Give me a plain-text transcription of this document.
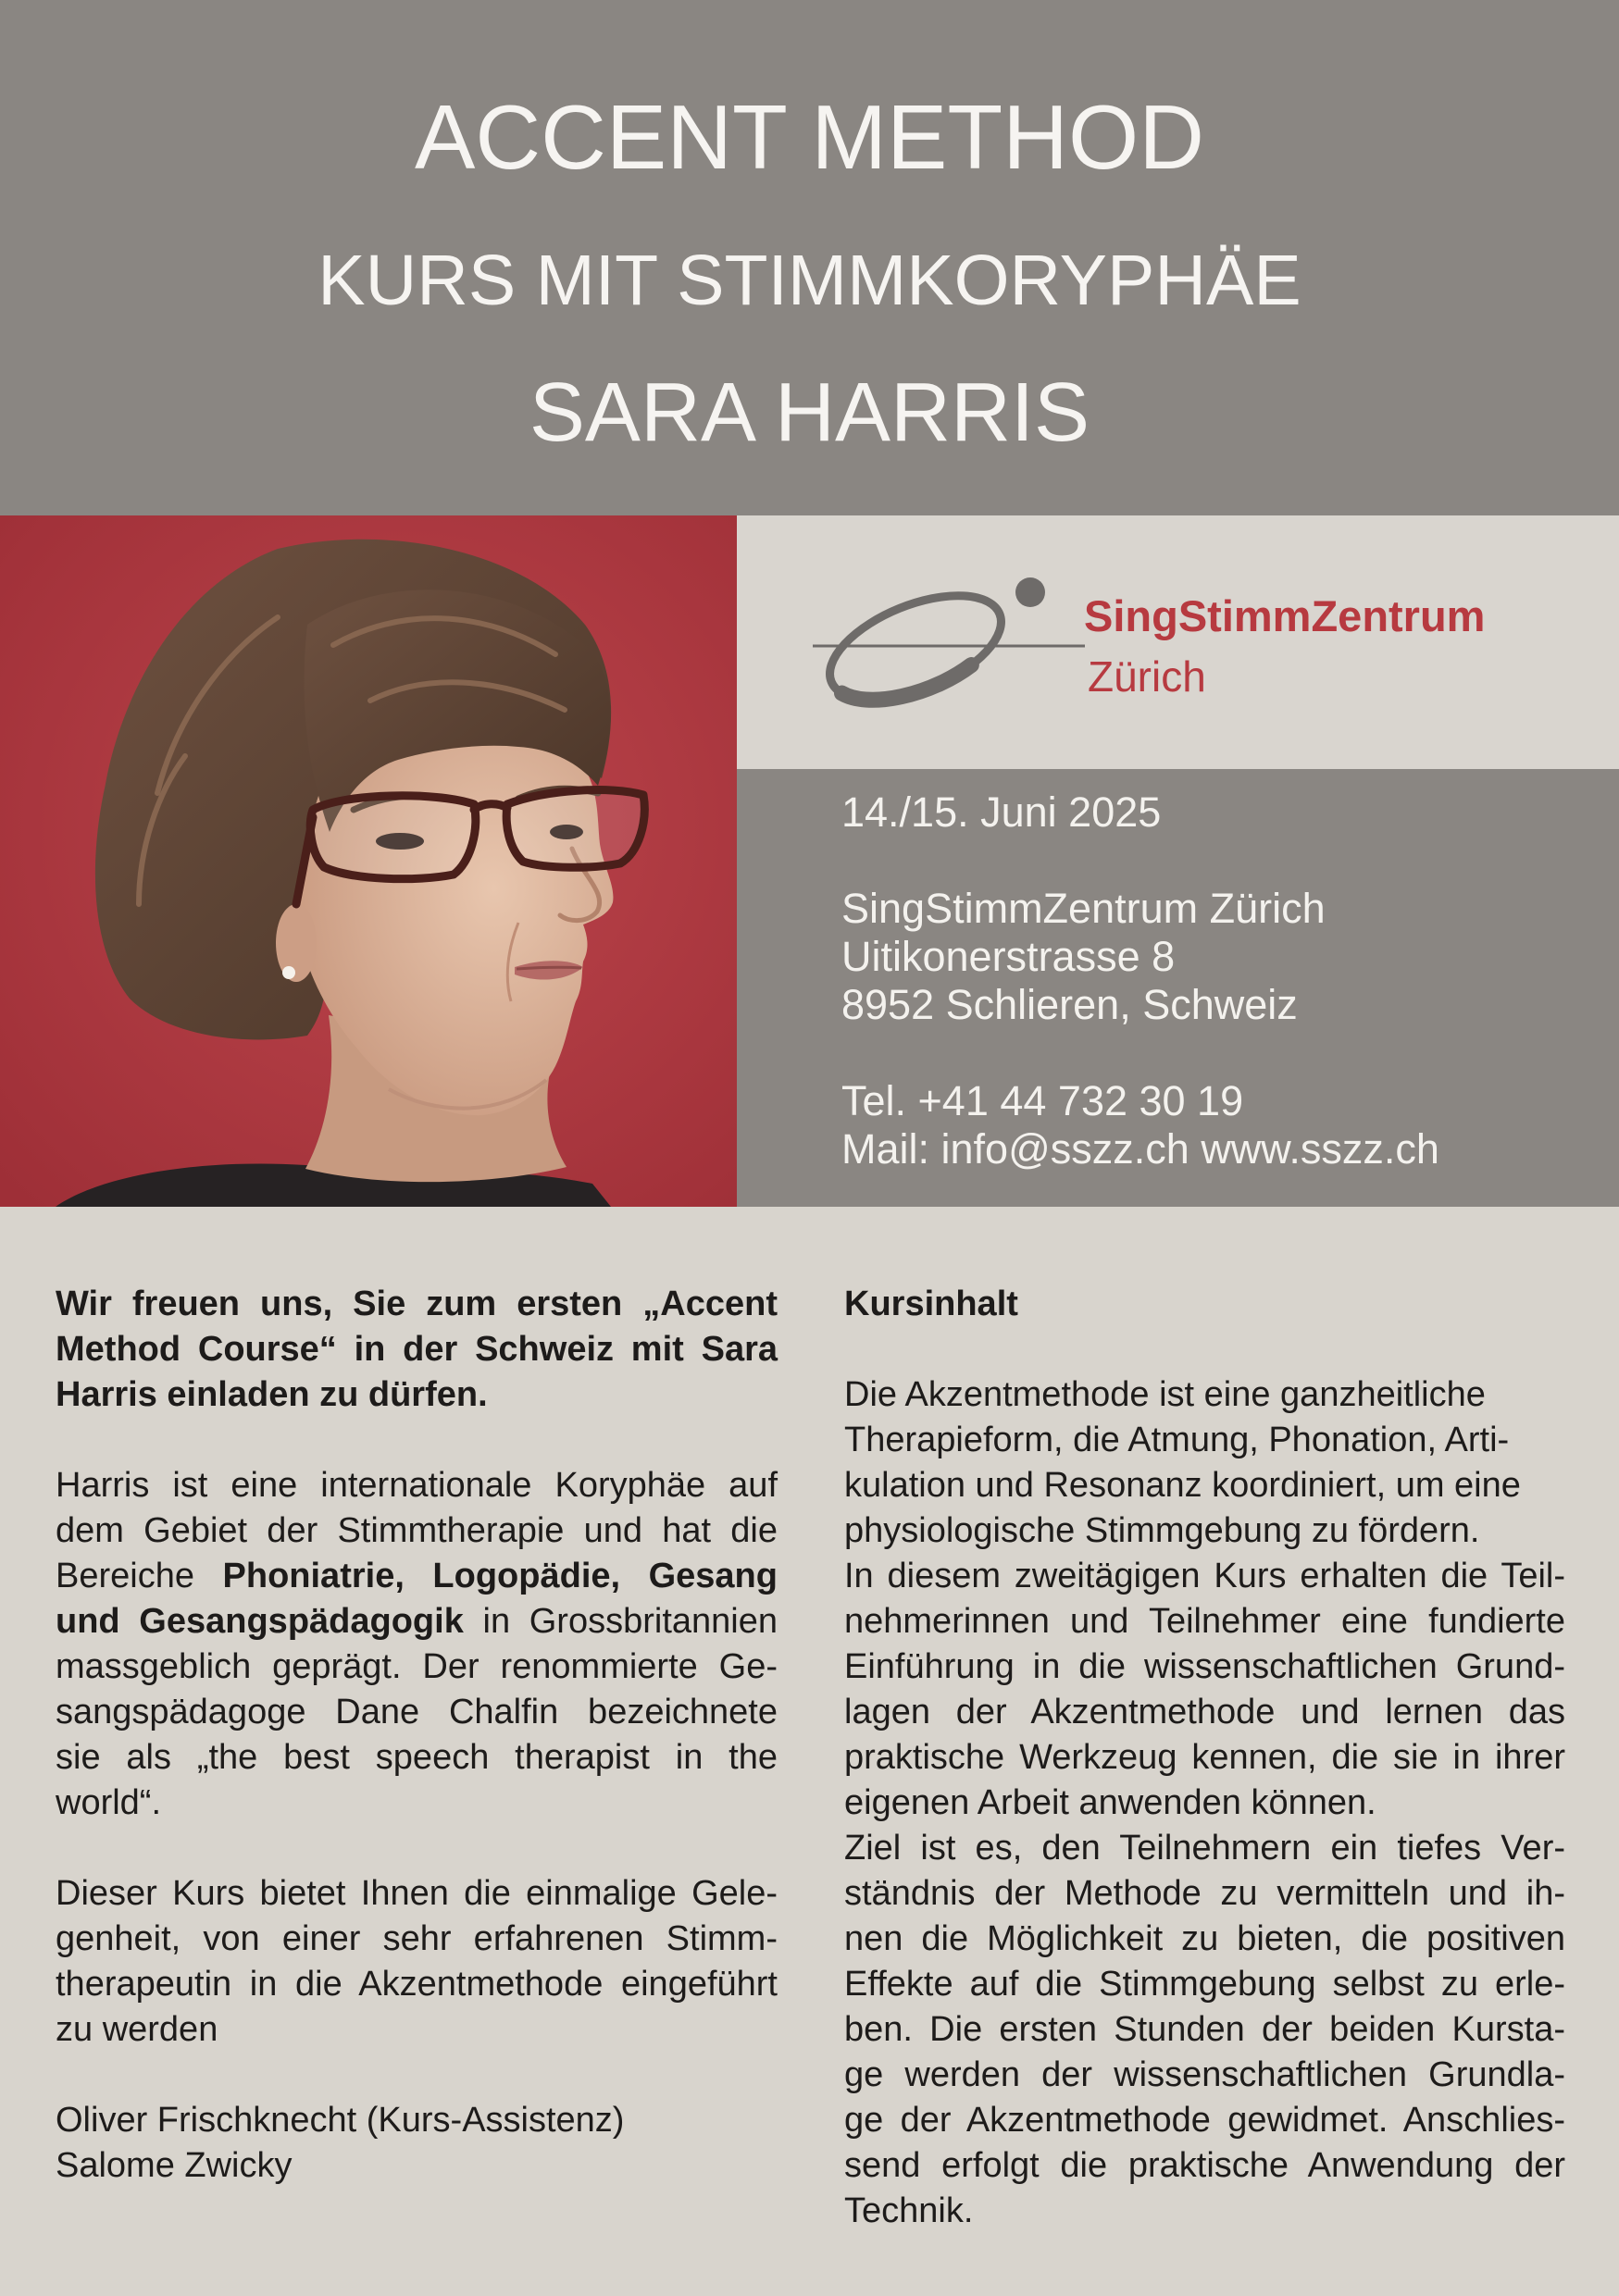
ACCENT METHOD
KURS MIT STIMMKORYPHÄE
SARA HARRIS
SingStimmZentrum
Zürich
14./15. Juni 2025
SingStimmZentrum Zürich
Uitikonerstrasse 8
8952 Schlieren, Schweiz
Tel. +41 44 732 30 19
Mail: info@sszz.ch www.sszz.ch
Wir freuen uns, Sie zum ersten „Accent
Method Course“ in der Schweiz mit Sara
Harris einladen zu dürfen.
Harris ist eine internationale Koryphäe auf
dem Gebiet der Stimmtherapie und hat die
Bereiche Phoniatrie, Logopädie, Gesang
und Gesangspädagogik in Grossbritannien
massgeblich geprägt. Der renommierte Ge-
sangspädagoge Dane Chalfin bezeichnete
sie als „the best speech therapist in the
world“.
Dieser Kurs bietet Ihnen die einmalige Gele-
genheit, von einer sehr erfahrenen Stimm-
therapeutin in die Akzentmethode eingeführt
zu werden
Oliver Frischknecht (Kurs-Assistenz)
Salome Zwicky
Kursinhalt
Die Akzentmethode ist eine ganzheitliche
Therapieform, die Atmung, Phonation, Arti-
kulation und Resonanz koordiniert, um eine
physiologische Stimmgebung zu fördern.
In diesem zweitägigen Kurs erhalten die Teil-
nehmerinnen und Teilnehmer eine fundierte
Einführung in die wissenschaftlichen Grund-
lagen der Akzentmethode und lernen das
praktische Werkzeug kennen, die sie in ihrer
eigenen Arbeit anwenden können.
Ziel ist es, den Teilnehmern ein tiefes Ver-
ständnis der Methode zu vermitteln und ih-
nen die Möglichkeit zu bieten, die positiven
Effekte auf die Stimmgebung selbst zu erle-
ben. Die ersten Stunden der beiden Kursta-
ge werden der wissenschaftlichen Grundla-
ge der Akzentmethode gewidmet. Anschlies-
send erfolgt die praktische Anwendung der
Technik.
